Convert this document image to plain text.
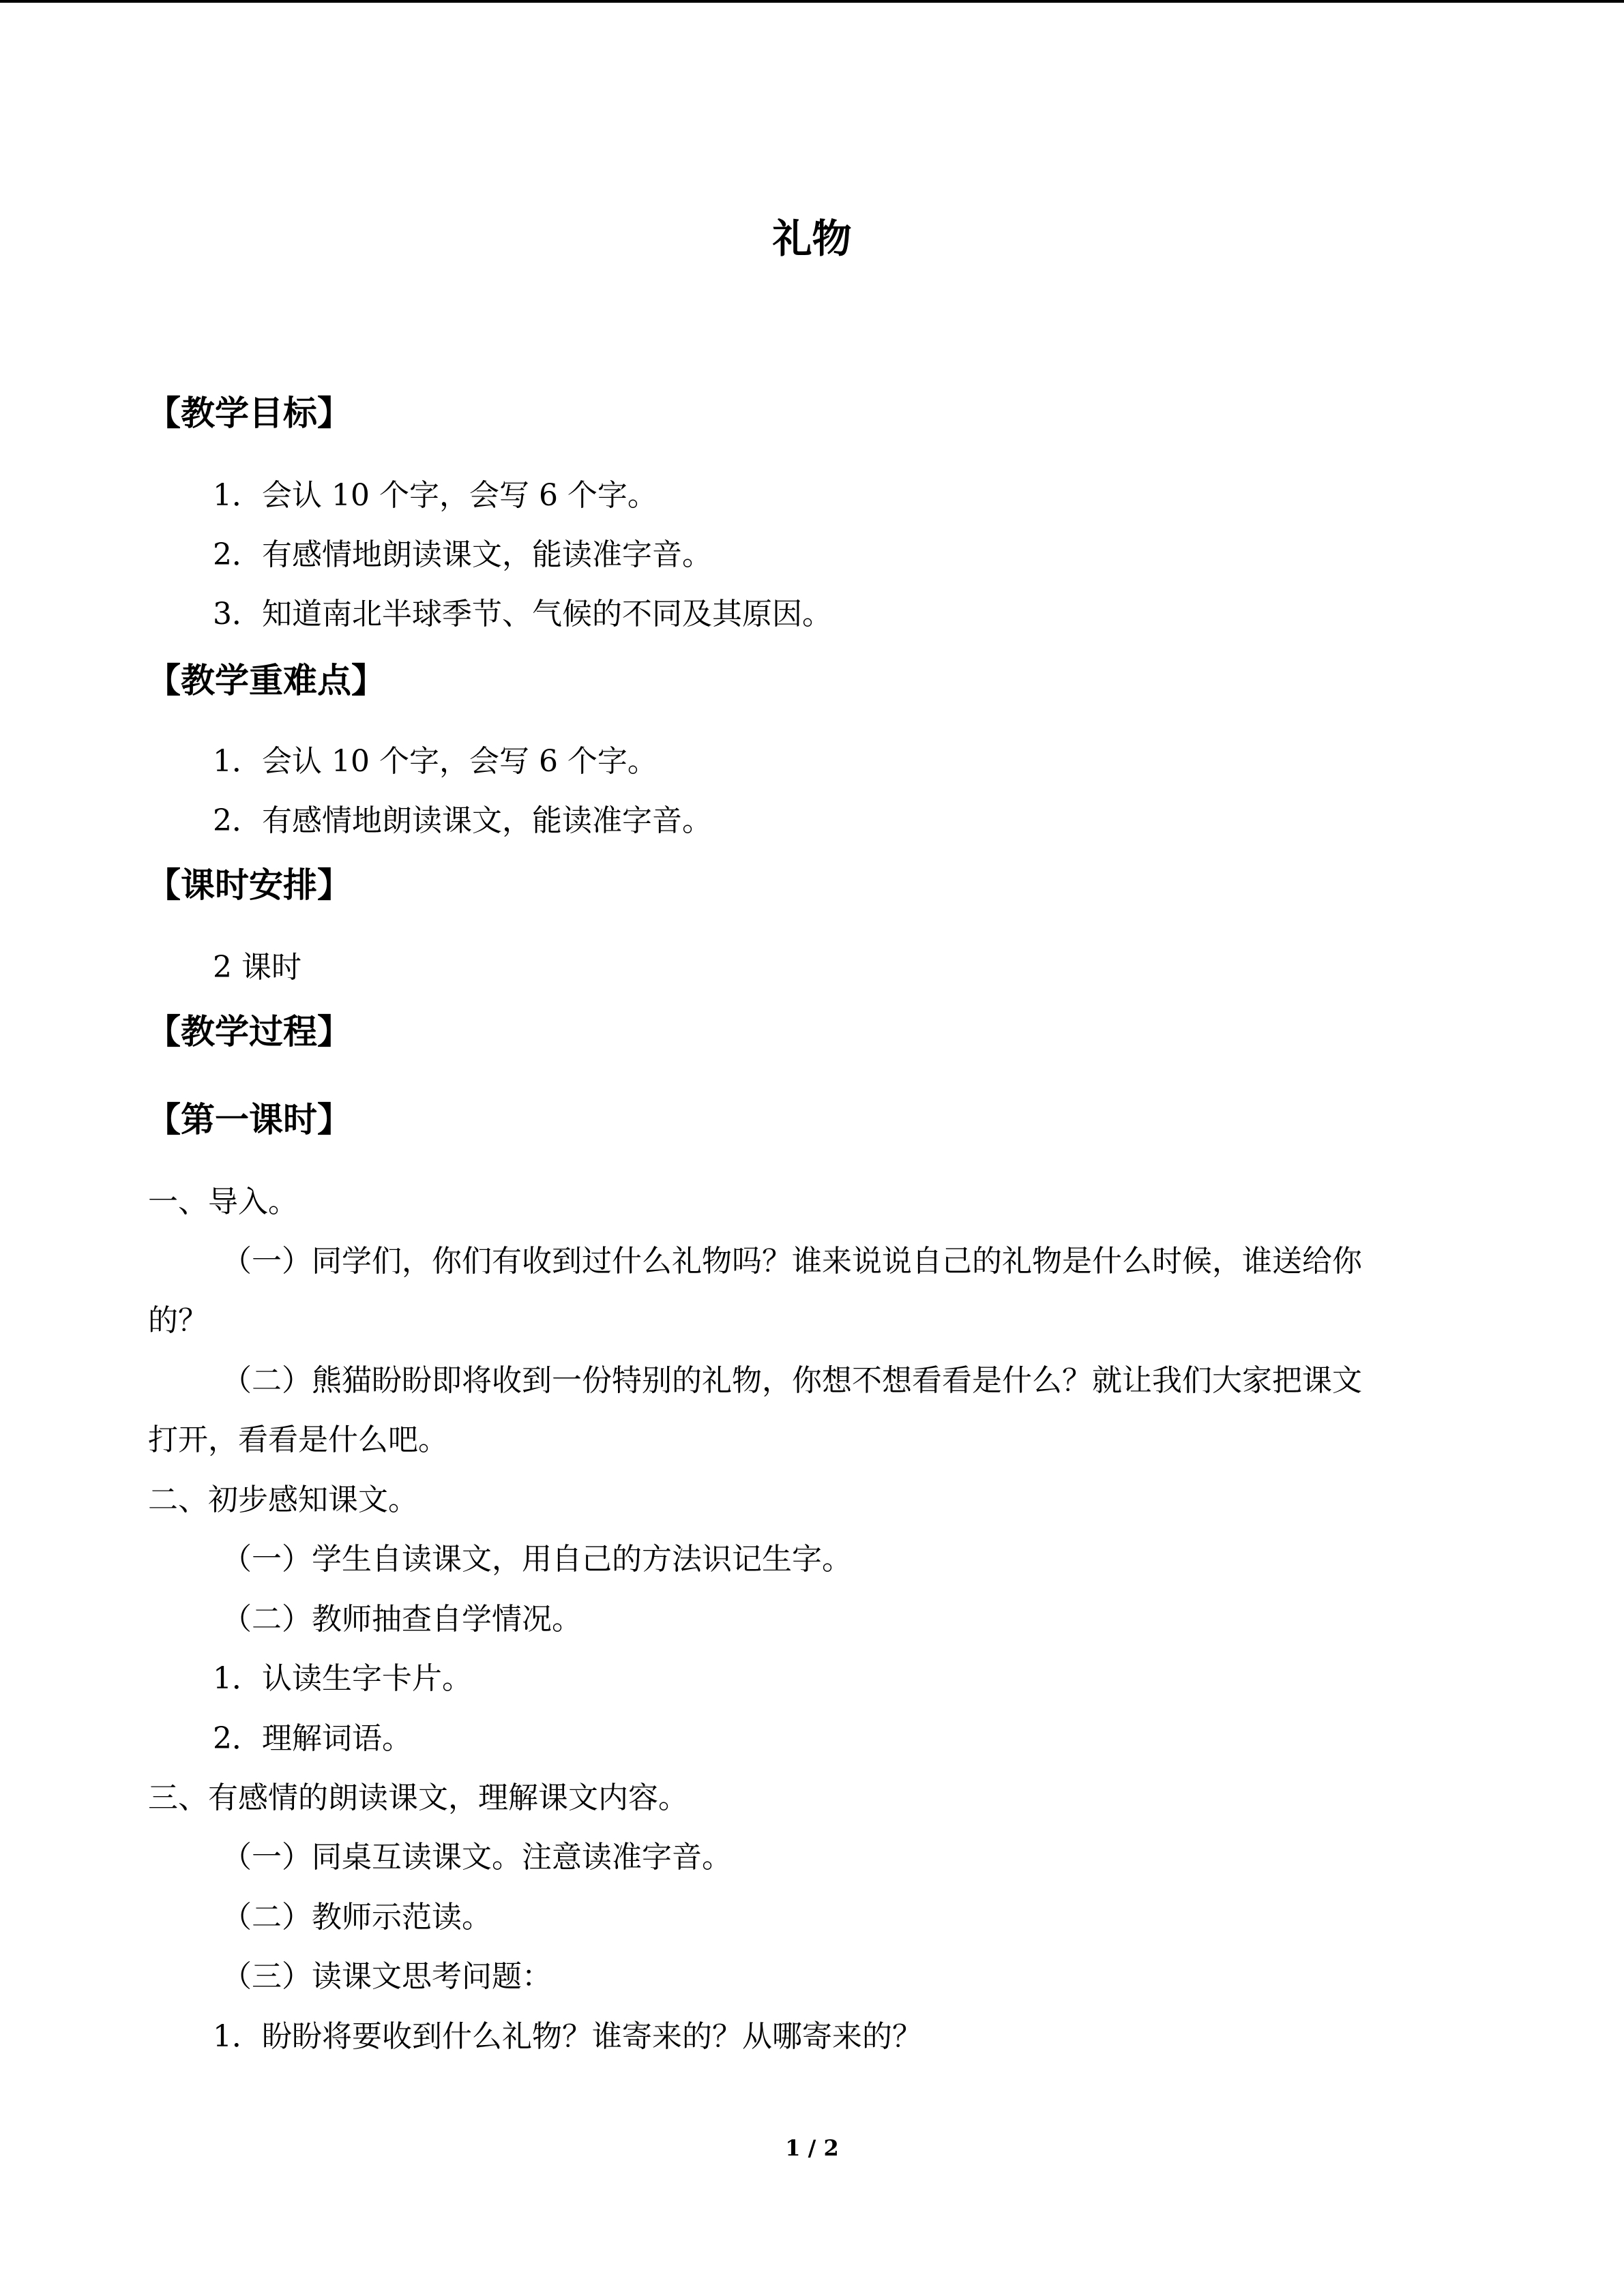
礼物
【教学目标】
1．会认 10 个字，会写 6 个字。
2．有感情地朗读课文，能读准字音。
3．知道南北半球季节、气候的不同及其原因。
【教学重难点】
1．会认 10 个字，会写 6 个字。
2．有感情地朗读课文，能读准字音。
【课时安排】
2 课时
【教学过程】
【第一课时】
一、导入。
（一）同学们，你们有收到过什么礼物吗？谁来说说自己的礼物是什么时候，谁送给你
的？
（二）熊猫盼盼即将收到一份特别的礼物，你想不想看看是什么？就让我们大家把课文
打开，看看是什么吧。
二、初步感知课文。
（一）学生自读课文，用自己的方法识记生字。
（二）教师抽查自学情况。
1．认读生字卡片。
2．理解词语。
三、有感情的朗读课文，理解课文内容。
（一）同桌互读课文。注意读准字音。
（二）教师示范读。
（三）读课文思考问题：
1．盼盼将要收到什么礼物？谁寄来的？从哪寄来的？
1 / 2
